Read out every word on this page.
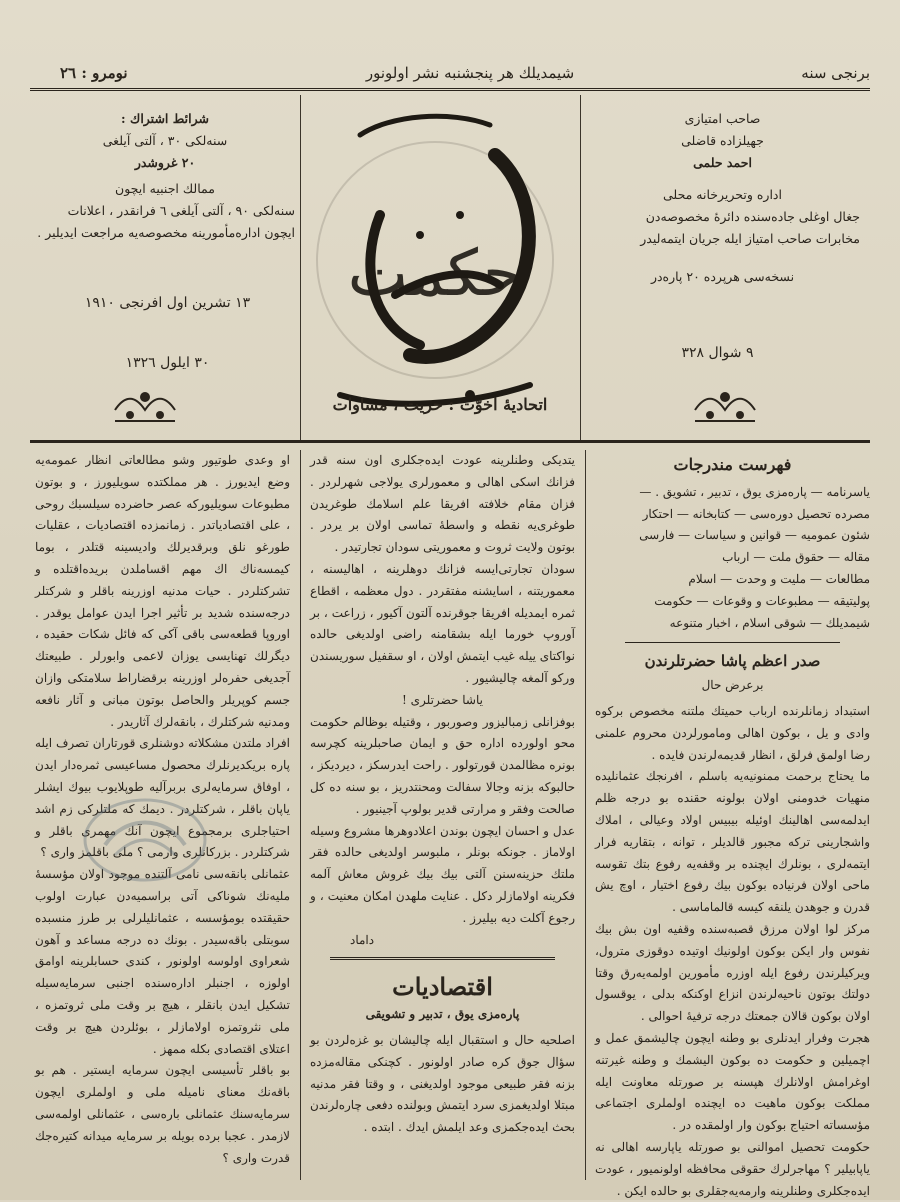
برنجی سنه
شیمدیلك هر پنجشنبه نشر اولونور
نومرو : ٢٦

صاحب امتیازی

جهیلزاده قاضلی

احمد حلمی

اداره وتحریرخانه محلی

جغال اوغلی جاده‌سنده دائرهٔ مخصوصه‌دن

مخابرات صاحب امتیاز ایله جریان ایتمه‌لیدر

نسخه‌سی هرپرده ٢٠ پاره‌در

شرائط اشتراك :

سنه‌لکی ٣٠ ، آلتی آیلغی

٢٠ غروشدر

ممالك اجنبیه ایچون

سنه‌لکی ٩٠ ، آلتی آیلغی ٦ فرانقدر ، اعلانات

ایچون اداره‌مأمورینه مخصوصه‌یه مراجعت ایدیلیر .

١٣ تشرین اول افرنجی ١٩١٠
٣٠ ایلول ١٣٢٦
٩ شوال ٣٢٨
حکمت
اتحادیهٔ اخوّت : حریت ، مساوات
فهرست مندرجات

یاسرنامه — پاره‌مزی یوق ، تدبیر ، تشویق . —

مصرده تحصیل دوره‌سی — کتابخانه — احتکار

شئون عمومیه — قوانین و سیاسات — فارسی

مقاله — حقوق ملت — ارباب

مطالعات — ملیت و وحدت — اسلام

پولیتیقه — مطبوعات و وقوعات — حکومت

شیمدیلك — شوقی اسلام ، اخبار متنوعه

صدر اعظم پاشا حضرتلرندن
برعرض حال

استبداد زمانلرنده ارباب حمیتك ملتنه مخصوص بركوه وادی و یل ، بوکون اهالی ومامورلردن محروم علمنی رضا اولمق فرلق ، انظار قدیمه‌لرندن فایده .

ما یحتاج برحمت ممنونیه‌یه باسلم ، افرنجك عثمانلیده منهیات خدومنی اولان بولونه حقنده بو درجه ظلم ایدلمه‌سی اهالینك اوئیله بیبیس اولاد وعیالی ، املاك واشجارینی تركه مجبور قالدیلر ، توانه ، بتقاریه فرار ایتمه‌لری ، بونلرك ایچنده بر وقفه‌یه رفوع بتك تقوسه ماحی اولان فرنیاده بوکون بیك رفوع اختیار ، اوچ یش قدرن و جوهدن یلنقه کیسه قالماماسی .

مرکز لوا اولان مرزق قصبه‌سنده وقفیه اون بش بیك نفوس وار ایکن بوکون اولونیك اوتیده دوقوزی مترول، ویرکیلرندن رفوع ایله اوزره مأمورین اولمه‌یه‌رق وقتا دولتك بوتون ناحیه‌لرندن انزاع اوکنکه بدلی ، یوقسول اولان بوکون قالان جمعتك درجه ترفیهٔ احوالی .

هجرت وفرار ایدنلری بو وطنه ایچون چالیشمق عمل و اچمیلین و حکومت ده بوکون الیشمك و وطنه غیرتنه اوغرامش اولانلرك هپسنه بر صورتله معاونت ایله مملکت بوکون ماهیت ده ایچنده اولملری اجتماعی مؤسساته احتیاج بوکون وار اولمقده در .

حکومت تحصیل اموالنی بو صورتله یاپارسه اهالی نه یاپابیلیر ؟ مهاجرلرك حقوقی محافظه اولونمیور ، عودت ایده‌جکلری وطنلرینه وارمه‌یه‌جقلری بو حالده ایکن .

یتدیکی وطنلرینه عودت ایده‌جکلری اون سنه قدر فزانك اسکی اهالی و معمورلری یولاجی شهرلردر . فزان مقام خلافته افریقا علم اسلامك طوغریدن طوغری‌یه نقطه و واسطهٔ تماسی اولان بر یردر . بوتون ولایت ثروت و معموریتی سودان تجارتیدر .

سودان تجارتی‌ایسه فزانك دوهلرینه ، اهالیسنه ، معموریتنه ، اسایشنه مفتقردر . دول معظمه ، اقطاع ثمره ایمدیله افریقا جوقرنده آلتون آکیور ، زراعت ، بر آوروپ خورما ایله بشقامنه راضی اولدیغی حالده نواکتای ییله غیب ایتمش اولان ، او سقفیل سوریسندن ورکو آلمغه چالیشیور .

یاشا حضرتلری !

بوفزانلی زمبالیزور وصوربور ، وقتیله بوظالم حکومت محو اولورده اداره حق و ایمان صاحبلرینه کچرسه بونره مظالمدن قورتولور . راحت ایدرسکز ، دیردیکز ، حالبوکه بزنه وجالا سفالت ومحنتدریز ، بو سنه ده کل صالحت وفقر و مرارتی قدیر بولوپ آجینیور .

عدل و احسان ایچون بوندن اعلادوهرها مشروع وسیله اولاماز . جونکه بونلر ، ملبوسر اولدیغی حالده فقر ملتك حزینه‌سنن آلتی بیك بیك غروش معاش آلمه فکرینه اولامازلر دکل . عنایت ملهدن امکان معنیت ، و رجوع آکلت دیه بیلیرز .

داماد

اقتصادیات
پاره‌مزی یوق ، تدبیر و تشویقی

اصلحیه حال و استقبال ایله چالیشان بو غزه‌لردن بو سؤال جوق کره صادر اولونور . کچنکی مقاله‌مزده بزنه فقر طبیعی موجود اولدیغنی ، و وقتا فقر مدنیه مبتلا اولدیغمزی سرد ایتمش وبولنده دفعی چاره‌لرندن بحث ایده‌جکمزی وعد ایلمش ایدك . ابتده .

او وعدی طوتیور وشو مطالعاتی انظار عمومه‌یه وضع ایدیورز . هر مملکتده سویلیورز ، و بوتون مطبوعات سویلیورکه عصر حاضرده سیلسبك روحی ، علی اقتصادیاتدر . زمانمزده اقتصادیات ، عقلیات طورغو نلق وبرقدیرلك وادیسینه قتلدر ، بوما کیمسه‌ناك اك مهم اقساملدن بریده‌اقتلده و تشرکتلردر . حیات مدنیه اوزرینه باقلر و شرکتلر درجه‌سنده شدید بر تأثیر اجرا ایدن عوامل یوقدر . اوروپا قطعه‌سی باقی آکی که فائل شکات حقیده ، دیگرلك تهنایسی یوزان لاعمی وابورلر . طبیعتك آجدیغی حفره‌لر اوزرینه برقضاراط سلامتکی وازان جسم کوپریلر والحاصل بوتون مبانی و آثار نافعه ومدنیه شرکتلرك ، بانقه‌لرك آثاریدر .

افراد ملتدن مشکلاته دوشنلری قورتاران تصرف ایله پاره بریکدیرنلرك محصول مساعیسی ثمره‌دار ایدن ، اوفاق سرمایه‌لری بربرآلیه طوپلایوب بیوك ایشلر یاپان باقلر ، شرکتلردر . دیمك که ملتلرکی زم اشد احتیاجلری برمجموع ایچون آنك مهمری باقلر و شرکتلردر . بزرکانلری وارمی ؟ ملی باقلمز واری ؟

عثمانلی بانقه‌سی نامی آلتنده موجود اولان مؤسسهٔ ملیه‌نك شوناکی آتی براسمیه‌دن عبارت اولوب حقیقتده بومؤسسه ، عثمانلیلرلی بر طرز منسبده سوبتلی باقه‌سیدر . بونك ده درجه مساعد و آهون شعراوی اولوسه اولونور ، کندی حسابلرینه اوامق اولوزه ، اجنبلر اداره‌سنده اجنبی سرمایه‌سیله تشکیل ایدن بانقلر ، هیچ بر وقت ملی ثروتمزه ، ملی نثروتمزه اولامازلر ، بوئلردن هیچ بر وقت اعتلای اقتصادی بکله ممهز .

بو باقلر تأسیسی ایچون سرمایه ایستیر . هم بو باقه‌نك معنای نامیله ملی و اولملری ایچون سرمایه‌سنك عثمانلی باره‌سی ، عثمانلی اولمه‌سی لازمدر . عجبا برده بویله بر سرمایه میدانه کتیره‌جك قدرت واری ؟
